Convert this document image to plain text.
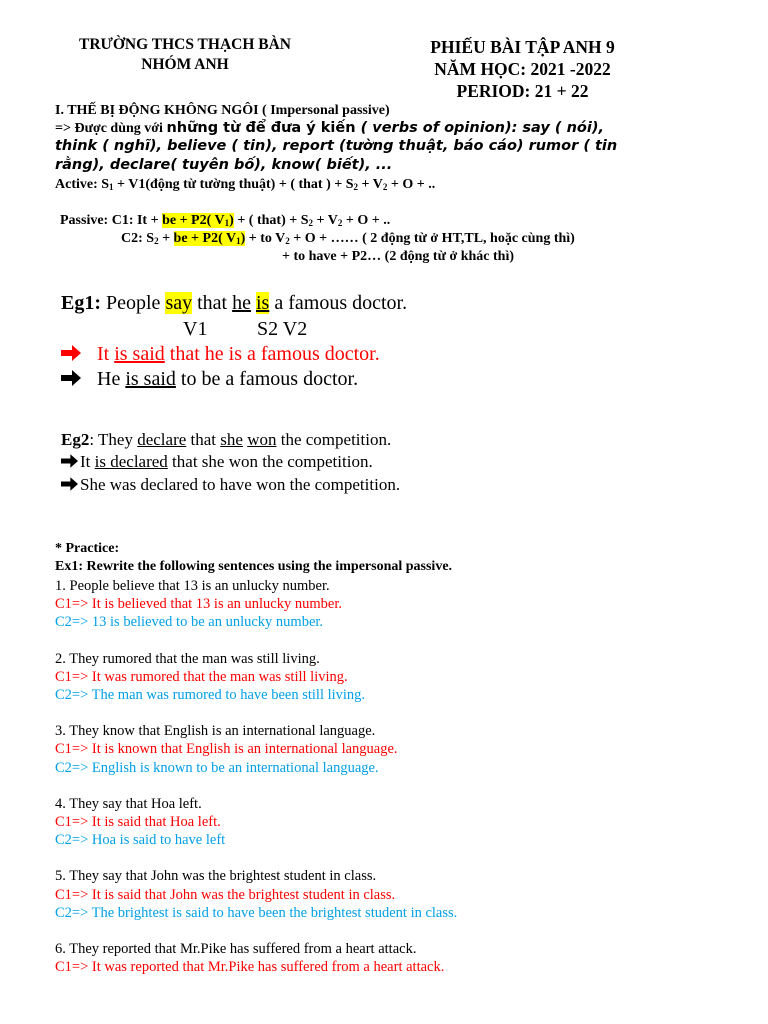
TRƯỜNG THCS THẠCH BÀN
NHÓM ANH
PHIẾU BÀI TẬP ANH 9
NĂM HỌC: 2021 -2022
PERIOD: 21 + 22
I. THẾ BỊ ĐỘNG KHÔNG NGÔI ( Impersonal passive)
=> Được dùng với những từ để đưa ý kiến ( verbs of opinion): say ( nói),
think ( nghĩ), believe ( tin), report (tường thuật, báo cáo) rumor ( tin
rằng), declare( tuyên bố), know( biết), ...
Active: $S_1$ + V1(động từ tường thuật) + ( that ) + $S_2 + V_2 + O$ + ..
Passive: C1: It + be + P2( $V_1$) + ( that) + $S_2 + V_2 + O$ + ..
C2: $S_2$ + be + P2( $V_1$) + to $V_2 + O$ + …… ( 2 động từ ở HT,TL, hoặc cùng thì)
+ to have + P2… (2 động từ ở khác thì)
Eg1: People say that he is a famous doctor.
V1 S2 V2
It is said that he is a famous doctor.
He is said to be a famous doctor.
Eg2: They declare that she won the competition.
It is declared that she won the competition.
She was declared to have won the competition.
* Practice:
Ex1: Rewrite the following sentences using the impersonal passive.
1. People believe that 13 is an unlucky number.
C1=> It is believed that 13 is an unlucky number.
C2=> 13 is believed to be an unlucky number.
2. They rumored that the man was still living.
C1=> It was rumored that the man was still living.
C2=> The man was rumored to have been still living.
3. They know that English is an international language.
C1=> It is known that English is an international language.
C2=> English is known to be an international language.
4. They say that Hoa left.
C1=> It is said that Hoa left.
C2=> Hoa is said to have left
5. They say that John was the brightest student in class.
C1=> It is said that John was the brightest student in class.
C2=> The brightest is said to have been the brightest student in class.
6. They reported that Mr.Pike has suffered from a heart attack.
C1=> It was reported that Mr.Pike has suffered from a heart attack.
